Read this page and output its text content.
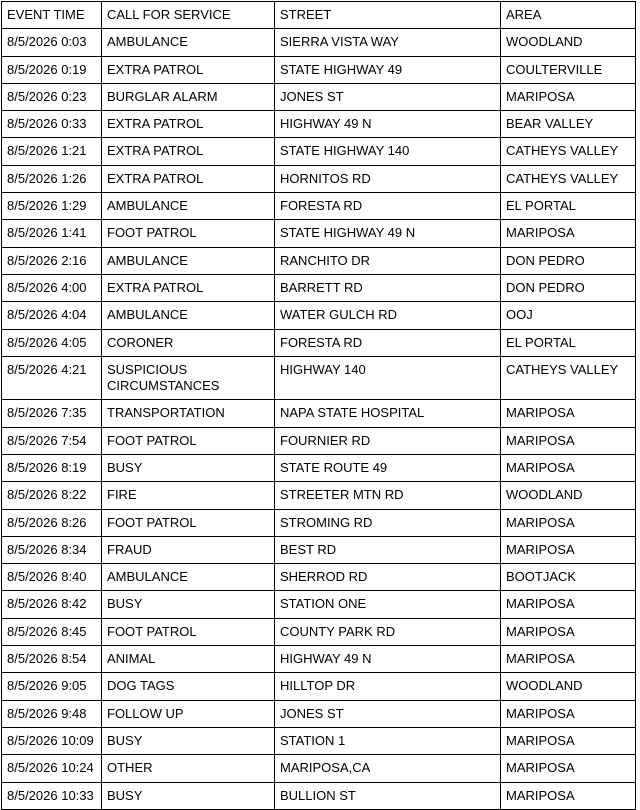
EVENT TIME	CALL FOR SERVICE	STREET	AREA
8/5/2026 0:03	AMBULANCE	SIERRA VISTA WAY	WOODLAND
8/5/2026 0:19	EXTRA PATROL	STATE HIGHWAY 49	COULTERVILLE
8/5/2026 0:23	BURGLAR ALARM	JONES ST	MARIPOSA
8/5/2026 0:33	EXTRA PATROL	HIGHWAY 49 N	BEAR VALLEY
8/5/2026 1:21	EXTRA PATROL	STATE HIGHWAY 140	CATHEYS VALLEY
8/5/2026 1:26	EXTRA PATROL	HORNITOS RD	CATHEYS VALLEY
8/5/2026 1:29	AMBULANCE	FORESTA RD	EL PORTAL
8/5/2026 1:41	FOOT PATROL	STATE HIGHWAY 49 N	MARIPOSA
8/5/2026 2:16	AMBULANCE	RANCHITO DR	DON PEDRO
8/5/2026 4:00	EXTRA PATROL	BARRETT RD	DON PEDRO
8/5/2026 4:04	AMBULANCE	WATER GULCH RD	OOJ
8/5/2026 4:05	CORONER	FORESTA RD	EL PORTAL
8/5/2026 4:21	SUSPICIOUS CIRCUMSTANCES	HIGHWAY 140	CATHEYS VALLEY
8/5/2026 7:35	TRANSPORTATION	NAPA STATE HOSPITAL	MARIPOSA
8/5/2026 7:54	FOOT PATROL	FOURNIER RD	MARIPOSA
8/5/2026 8:19	BUSY	STATE ROUTE 49	MARIPOSA
8/5/2026 8:22	FIRE	STREETER MTN RD	WOODLAND
8/5/2026 8:26	FOOT PATROL	STROMING RD	MARIPOSA
8/5/2026 8:34	FRAUD	BEST RD	MARIPOSA
8/5/2026 8:40	AMBULANCE	SHERROD RD	BOOTJACK
8/5/2026 8:42	BUSY	STATION ONE	MARIPOSA
8/5/2026 8:45	FOOT PATROL	COUNTY PARK RD	MARIPOSA
8/5/2026 8:54	ANIMAL	HIGHWAY 49 N	MARIPOSA
8/5/2026 9:05	DOG TAGS	HILLTOP DR	WOODLAND
8/5/2026 9:48	FOLLOW UP	JONES ST	MARIPOSA
8/5/2026 10:09	BUSY	STATION 1	MARIPOSA
8/5/2026 10:24	OTHER	MARIPOSA,CA	MARIPOSA
8/5/2026 10:33	BUSY	BULLION ST	MARIPOSA
